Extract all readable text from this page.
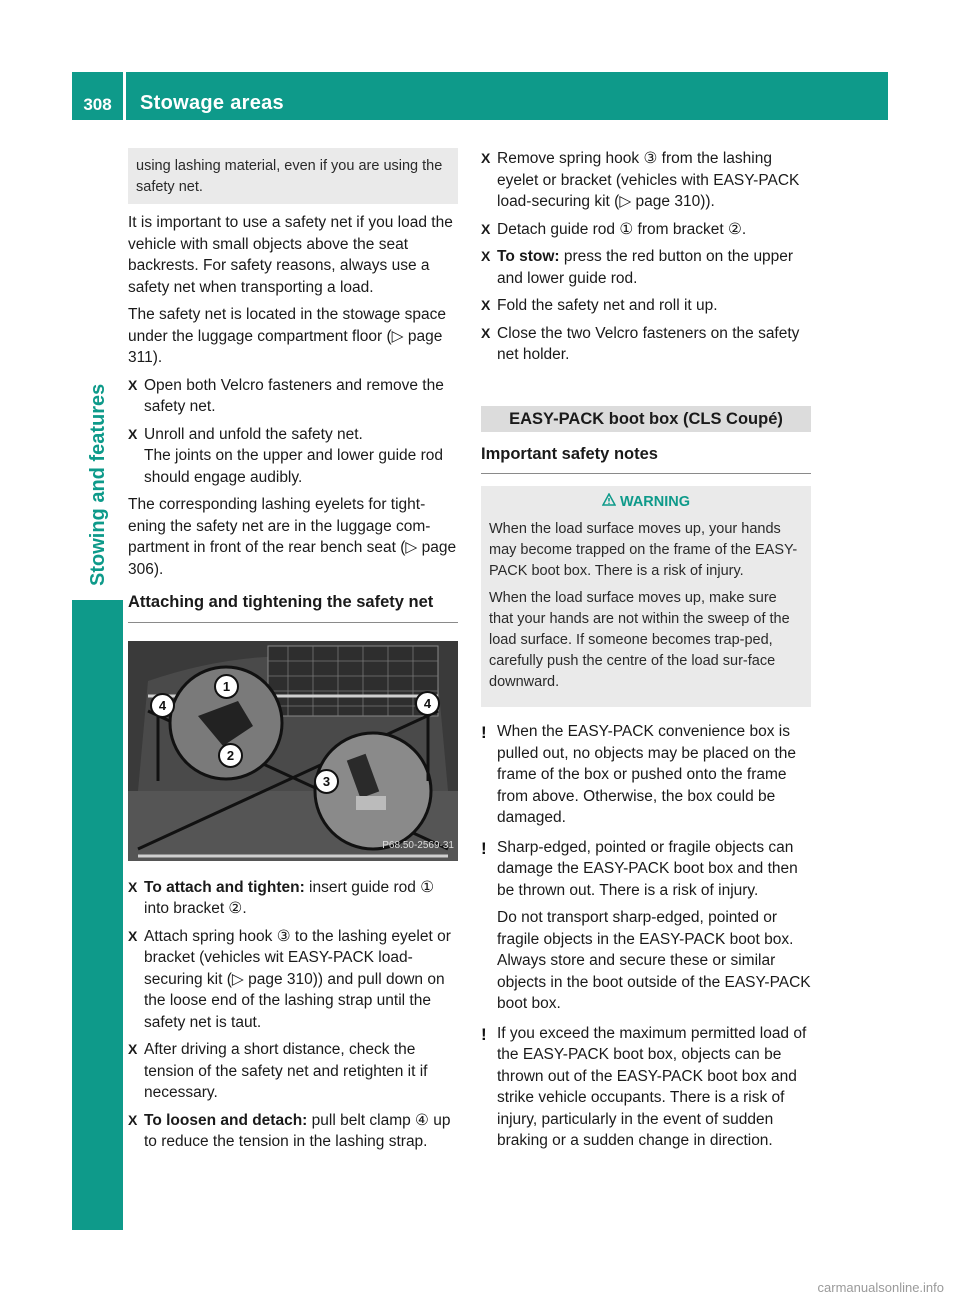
308	Stowage areas
Stowing and features
using lashing material, even if you are using the safety net.

It is important to use a safety net if you load the vehicle with small objects above the seat backrests. For safety reasons, always use a safety net when transporting a load.

The safety net is located in the stowage space under the luggage compartment floor (▷ page 311).

X Open both Velcro fasteners and remove the safety net.
X Unroll and unfold the safety net.
The joints on the upper and lower guide rod should engage audibly.

The corresponding lashing eyelets for tight-ening the safety net are in the luggage com-partment in front of the rear bench seat (▷ page 306).

Attaching and tightening the safety net
1
2
3
4	4
P68.50-2569-31
X To attach and tighten: insert guide rod ① into bracket ②.
X Attach spring hook ③ to the lashing eyelet or bracket (vehicles wit EASY-PACK load-securing kit (▷ page 310)) and pull down on the loose end of the lashing strap until the safety net is taut.
X After driving a short distance, check the tension of the safety net and retighten it if necessary.
X To loosen and detach: pull belt clamp ④ up to reduce the tension in the lashing strap.
X Remove spring hook ③ from the lashing eyelet or bracket (vehicles with EASY-PACK load-securing kit (▷ page 310)).
X Detach guide rod ① from bracket ②.
X To stow: press the red button on the upper and lower guide rod.
X Fold the safety net and roll it up.
X Close the two Velcro fasteners on the safety net holder.
EASY-PACK boot box (CLS Coupé)
Important safety notes
WARNING

When the load surface moves up, your hands may become trapped on the frame of the EASY-PACK boot box. There is a risk of injury.

When the load surface moves up, make sure that your hands are not within the sweep of the load surface. If someone becomes trap-ped, carefully push the centre of the load sur-face downward.

! When the EASY-PACK convenience box is pulled out, no objects may be placed on the frame of the box or pushed onto the frame from above. Otherwise, the box could be damaged.

! Sharp-edged, pointed or fragile objects can damage the EASY-PACK boot box and then be thrown out. There is a risk of injury.

Do not transport sharp-edged, pointed or fragile objects in the EASY-PACK boot box. Always store and secure these or similar objects in the boot outside of the EASY-PACK boot box.

! If you exceed the maximum permitted load of the EASY-PACK boot box, objects can be thrown out of the EASY-PACK boot box and strike vehicle occupants. There is a risk of injury, particularly in the event of sudden braking or a sudden change in direction.

carmanualsonline.info
